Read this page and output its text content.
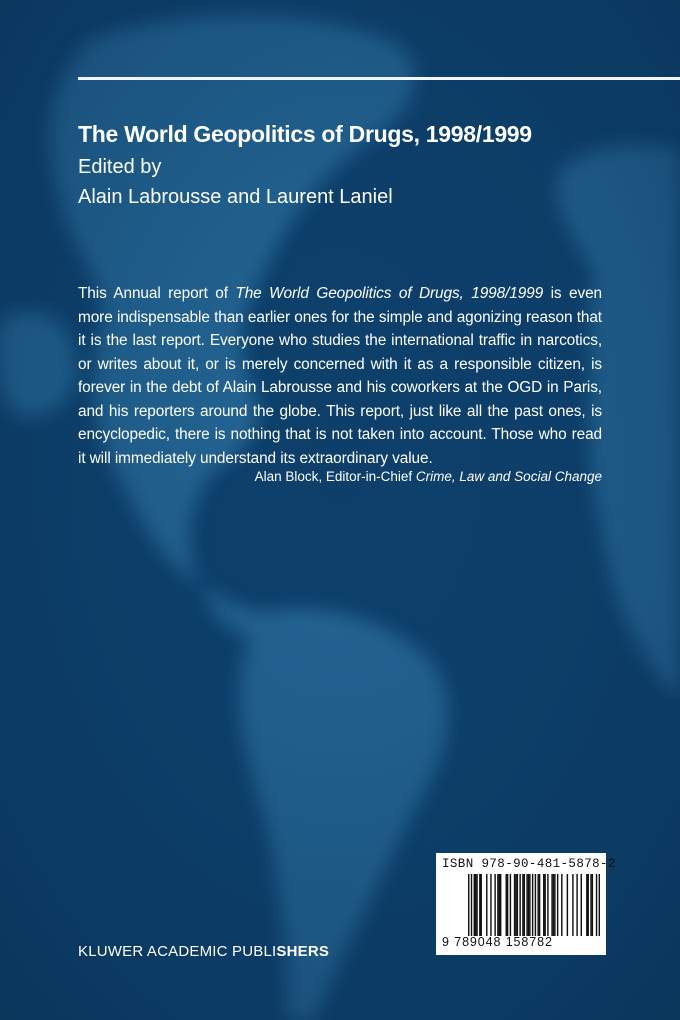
The World Geopolitics of Drugs, 1998/1999
Edited by
Alain Labrousse and Laurent Laniel
This Annual report of The World Geopolitics of Drugs, 1998/1999 is even
more indispensable than earlier ones for the simple and agonizing reason that
it is the last report. Everyone who studies the international traffic in narcotics,
or writes about it, or is merely concerned with it as a responsible citizen, is
forever in the debt of Alain Labrousse and his coworkers at the OGD in Paris,
and his reporters around the globe. This report, just like all the past ones, is
encyclopedic, there is nothing that is not taken into account. Those who read
it will immediately understand its extraordinary value.
Alan Block, Editor-in-Chief Crime, Law and Social Change
KLUWER ACADEMIC PUBLISHERS
ISBN 978-90-481-5878-2
9 789048 158782
